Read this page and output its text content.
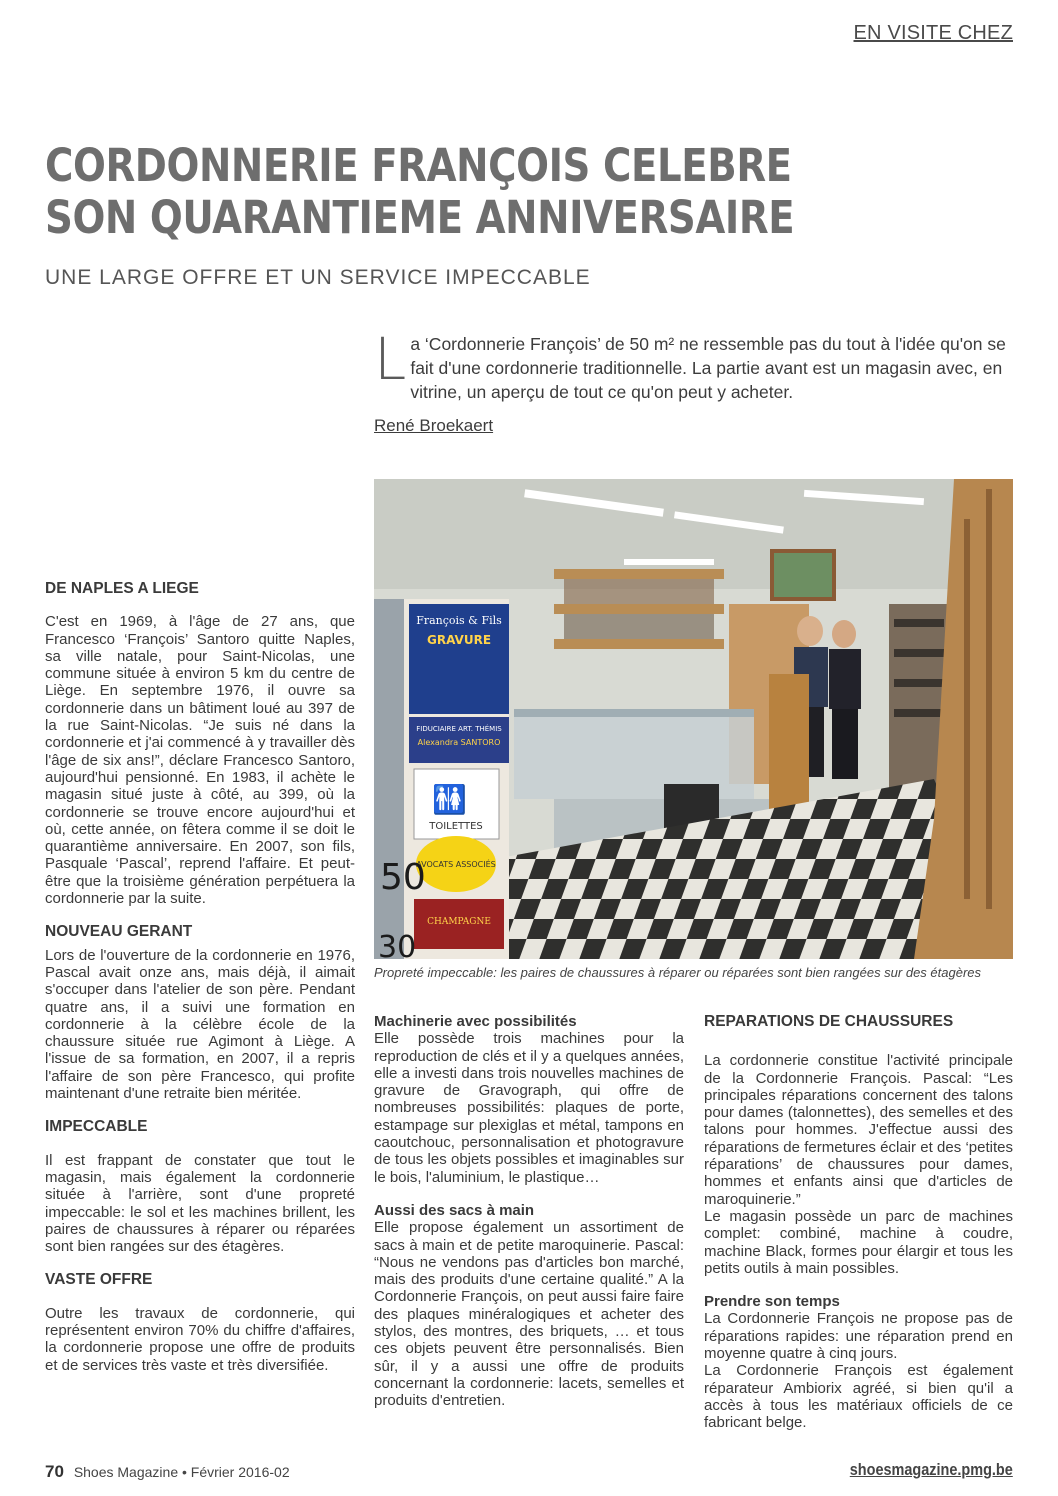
EN VISITE CHEZ
CORDONNERIE FRANÇOIS CELEBRE
SON QUARANTIEME ANNIVERSAIRE
UNE LARGE OFFRE ET UN SERVICE IMPECCABLE
L a ‘Cordonnerie François’ de 50 m² ne ressemble pas du tout à l'idée qu'on se fait d'une cordonnerie traditionnelle. La partie avant est un magasin avec, en vitrine, un aperçu de tout ce qu'on peut y acheter.
René Broekaert
François & Fils
GRAVURE
FIDUCIAIRE ART. THÉMIS
Alexandra SANTORO
TOILETTES
🚻
AVOCATS ASSOCIÉS
CHAMPAGNE
50
30
Propreté impeccable: les paires de chaussures à réparer ou réparées sont bien rangées sur des étagères
DE NAPLES A LIEGE

C'est en 1969, à l'âge de 27 ans, que Francesco ‘François’ Santoro quitte Naples, sa ville natale, pour Saint-Nicolas, une commune située à environ 5 km du centre de Liège. En septembre 1976, il ouvre sa cordonnerie dans un bâtiment loué au 397 de la rue Saint-Nicolas. “Je suis né dans la cordonnerie et j'ai commencé à y travailler dès l'âge de six ans!”, déclare Francesco Santoro, aujourd'hui pensionné. En 1983, il achète le magasin situé juste à côté, au 399, où la cordonnerie se trouve encore aujourd'hui et où, cette année, on fêtera comme il se doit le quarantième anniversaire. En 2007, son fils, Pasquale ‘Pascal’, reprend l'affaire. Et peut-être que la troisième génération perpétuera la cordonnerie par la suite.

NOUVEAU GERANT

Lors de l'ouverture de la cordonnerie en 1976, Pascal avait onze ans, mais déjà, il aimait s'occuper dans l'atelier de son père. Pendant quatre ans, il a suivi une formation en cordonnerie à la célèbre école de la chaussure située rue Agimont à Liège. A l'issue de sa formation, en 2007, il a repris l'affaire de son père Francesco, qui profite maintenant d'une retraite bien méritée.

IMPECCABLE

Il est frappant de constater que tout le magasin, mais également la cordonnerie située à l'arrière, sont d'une propreté impeccable: le sol et les machines brillent, les paires de chaussures à réparer ou réparées sont bien rangées sur des étagères.

VASTE OFFRE

Outre les travaux de cordonnerie, qui représentent environ 70% du chiffre d'affaires, la cordonnerie propose une offre de produits et de services très vaste et très diversifiée.

Machinerie avec possibilités

Elle possède trois machines pour la reproduction de clés et il y a quelques années, elle a investi dans trois nouvelles machines de gravure de Gravograph, qui offre de nombreuses possibilités: plaques de porte, estampage sur plexiglas et métal, tampons en caoutchouc, personnalisation et photogravure de tous les objets possibles et imaginables sur le bois, l'aluminium, le plastique…

Aussi des sacs à main

Elle propose également un assortiment de sacs à main et de petite maroquinerie. Pascal: “Nous ne vendons pas d'articles bon marché, mais des produits d'une certaine qualité.” A la Cordonnerie François, on peut aussi faire faire des plaques minéralogiques et acheter des stylos, des montres, des briquets, … et tous ces objets peuvent être personnalisés. Bien sûr, il y a aussi une offre de produits concernant la cordonnerie: lacets, semelles et produits d'entretien.

REPARATIONS DE CHAUSSURES

La cordonnerie constitue l'activité principale de la Cordonnerie François. Pascal: “Les principales réparations concernent des talons pour dames (talonnettes), des semelles et des talons pour hommes. J'effectue aussi des réparations de fermetures éclair et des ‘petites réparations’ de chaussures pour dames, hommes et enfants ainsi que d'articles de maroquinerie.”

Le magasin possède un parc de machines complet: combiné, machine à coudre, machine Black, formes pour élargir et tous les petits outils à main possibles.

Prendre son temps

La Cordonnerie François ne propose pas de réparations rapides: une réparation prend en moyenne quatre à cinq jours.

La Cordonnerie François est également réparateur Ambiorix agréé, si bien qu'il a accès à tous les matériaux officiels de ce fabricant belge.

70 Shoes Magazine • Février 2016-02	shoesmagazine.pmg.be
